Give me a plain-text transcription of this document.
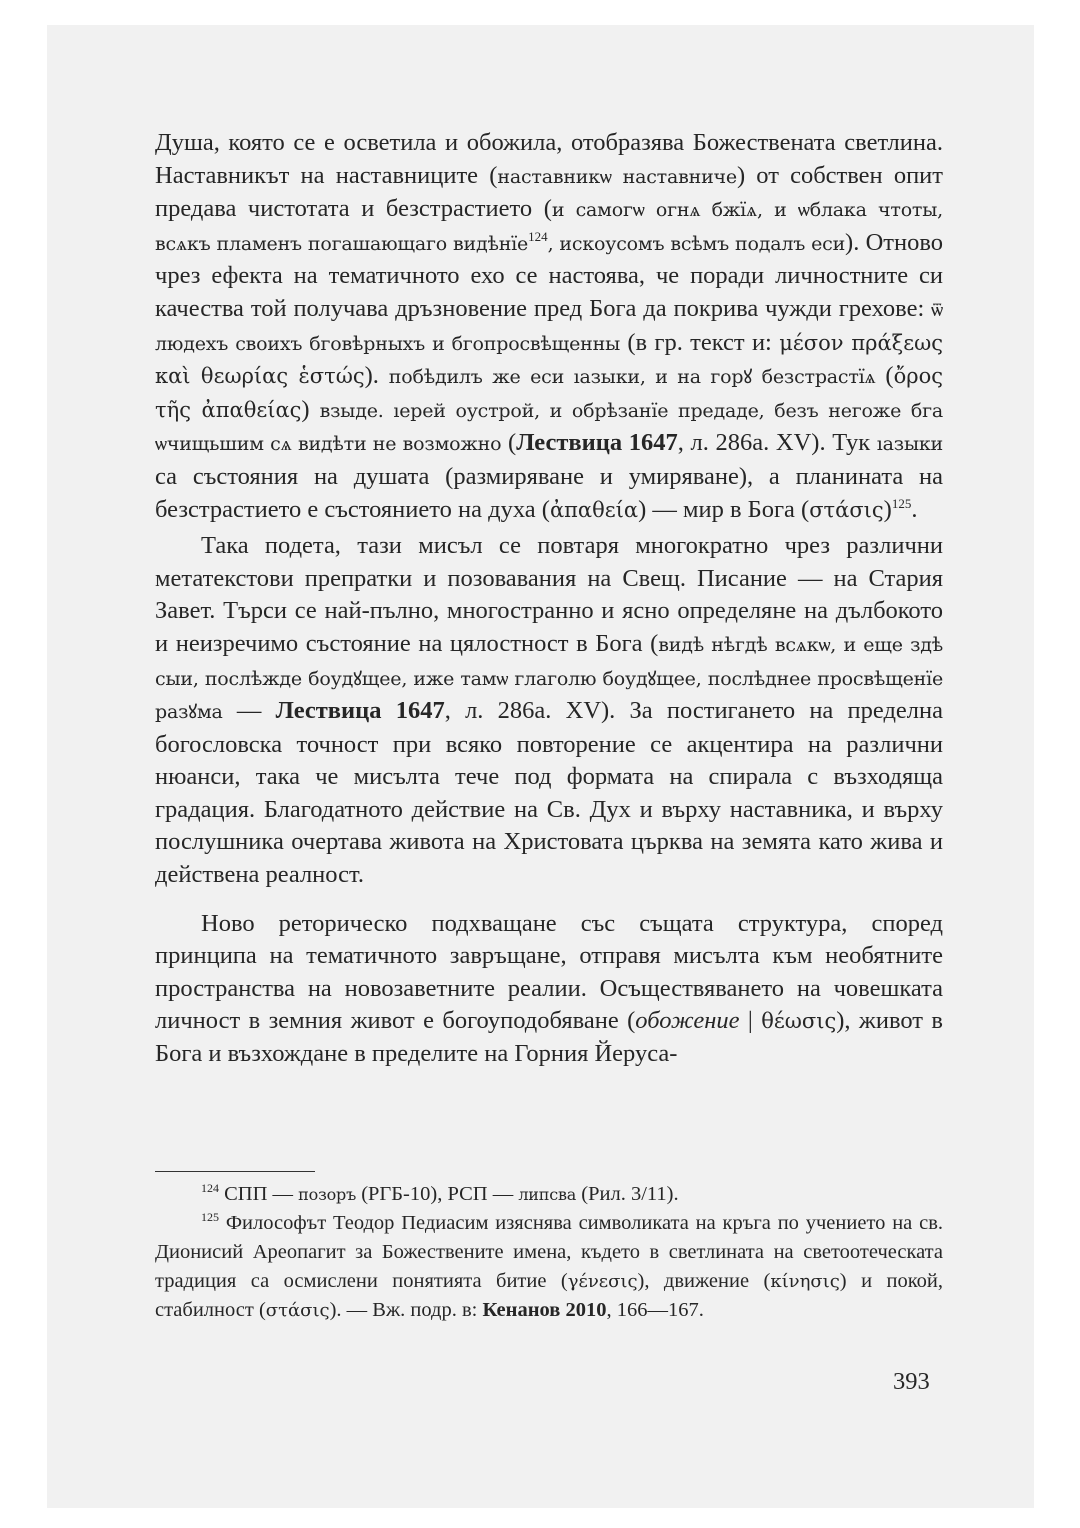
Душа, която се е осветила и обожила, отобразява Божествената светлина. Наставникът на наставниците (наставникѡ наставниче) от собствен опит предава чистотата и безстрастието (и самогѡ огнѧ бжїѧ, и ѡблака чтоты, всѧкъ пламенъ погашающаго видѣнїе$^{124}$, искоусомъ всѣмъ подалъ еси). Отново чрез ефекта на тематичното ехо се настоява, че поради личностните си качества той получава дръзновение пред Бога да покрива чужди грехове: ѿ людехъ своихъ бговѣрныхъ и бгопросвѣщенны (в гр. текст и: μέσον πράξεως καὶ θεωρίας ἑστώς). побѣдилъ же еси ıазыки, и на горꙋ безстрастїѧ (ὄρος τῆς ἀπαθείας) взыде. ıерей оустрой, и обрѣзанїе предаде, безъ негоже бга ѡчищьшим сѧ видѣти не возможно (Лествица 1647, л. 286а. XV). Тук ıазыки са състояния на душата (размиряване и умиряване), а планината на безстрастието е състоянието на духа (ἀπαθεία) — мир в Бога $(\sigma\tau ά\sigma\iota\varsigma)^{125}$.

Така подета, тази мисъл се повтаря многократно чрез различни метатекстови препратки и позовавания на Свещ. Писание — на Стария Завет. Търси се най-пълно, многостранно и ясно определяне на дълбокото и неизречимо състояние на цялостност в Бога (видѣ нѣгдѣ всѧкѡ, и еще здѣ сыи, послѣжде боудꙋщее, иже тамѡ глаголю боудꙋщее, послѣднее просвѣщенїе разꙋма — Лествица 1647, л. 286а. XV). За постигането на пределна богословска точност при всяко повторение се акцентира на различни нюанси, така че мисълта тече под формата на спирала с възходяща градация. Благодатното действие на Св. Дух и върху наставника, и върху послушника очертава живота на Христовата църква на земята като жива и действена реалност.

Ново реторическо подхващане със същата структура, според принципа на тематичното завръщане, отправя мисълта към необятните пространства на новозаветните реалии. Осъществяването на човешката личност в земния живот е богоуподобяване (обожение | θέωσις), живот в Бога и възхождане в пределите на Горния Йеруса-

$^{124}$ СПП — позоръ (РГБ-10), РСП — липсва (Рил. 3/11).

$^{125}$ Философът Теодор Педиасим изяснява символиката на кръга по учението на св. Дионисий Ареопагит за Божествените имена, където в светлината на светоотеческата традиция са осмислени понятията битие (γένεσις), движение (κίνησις) и покой, стабилност (στάσις). — Вж. подр. в: Кенанов 2010, 166—167.

393
